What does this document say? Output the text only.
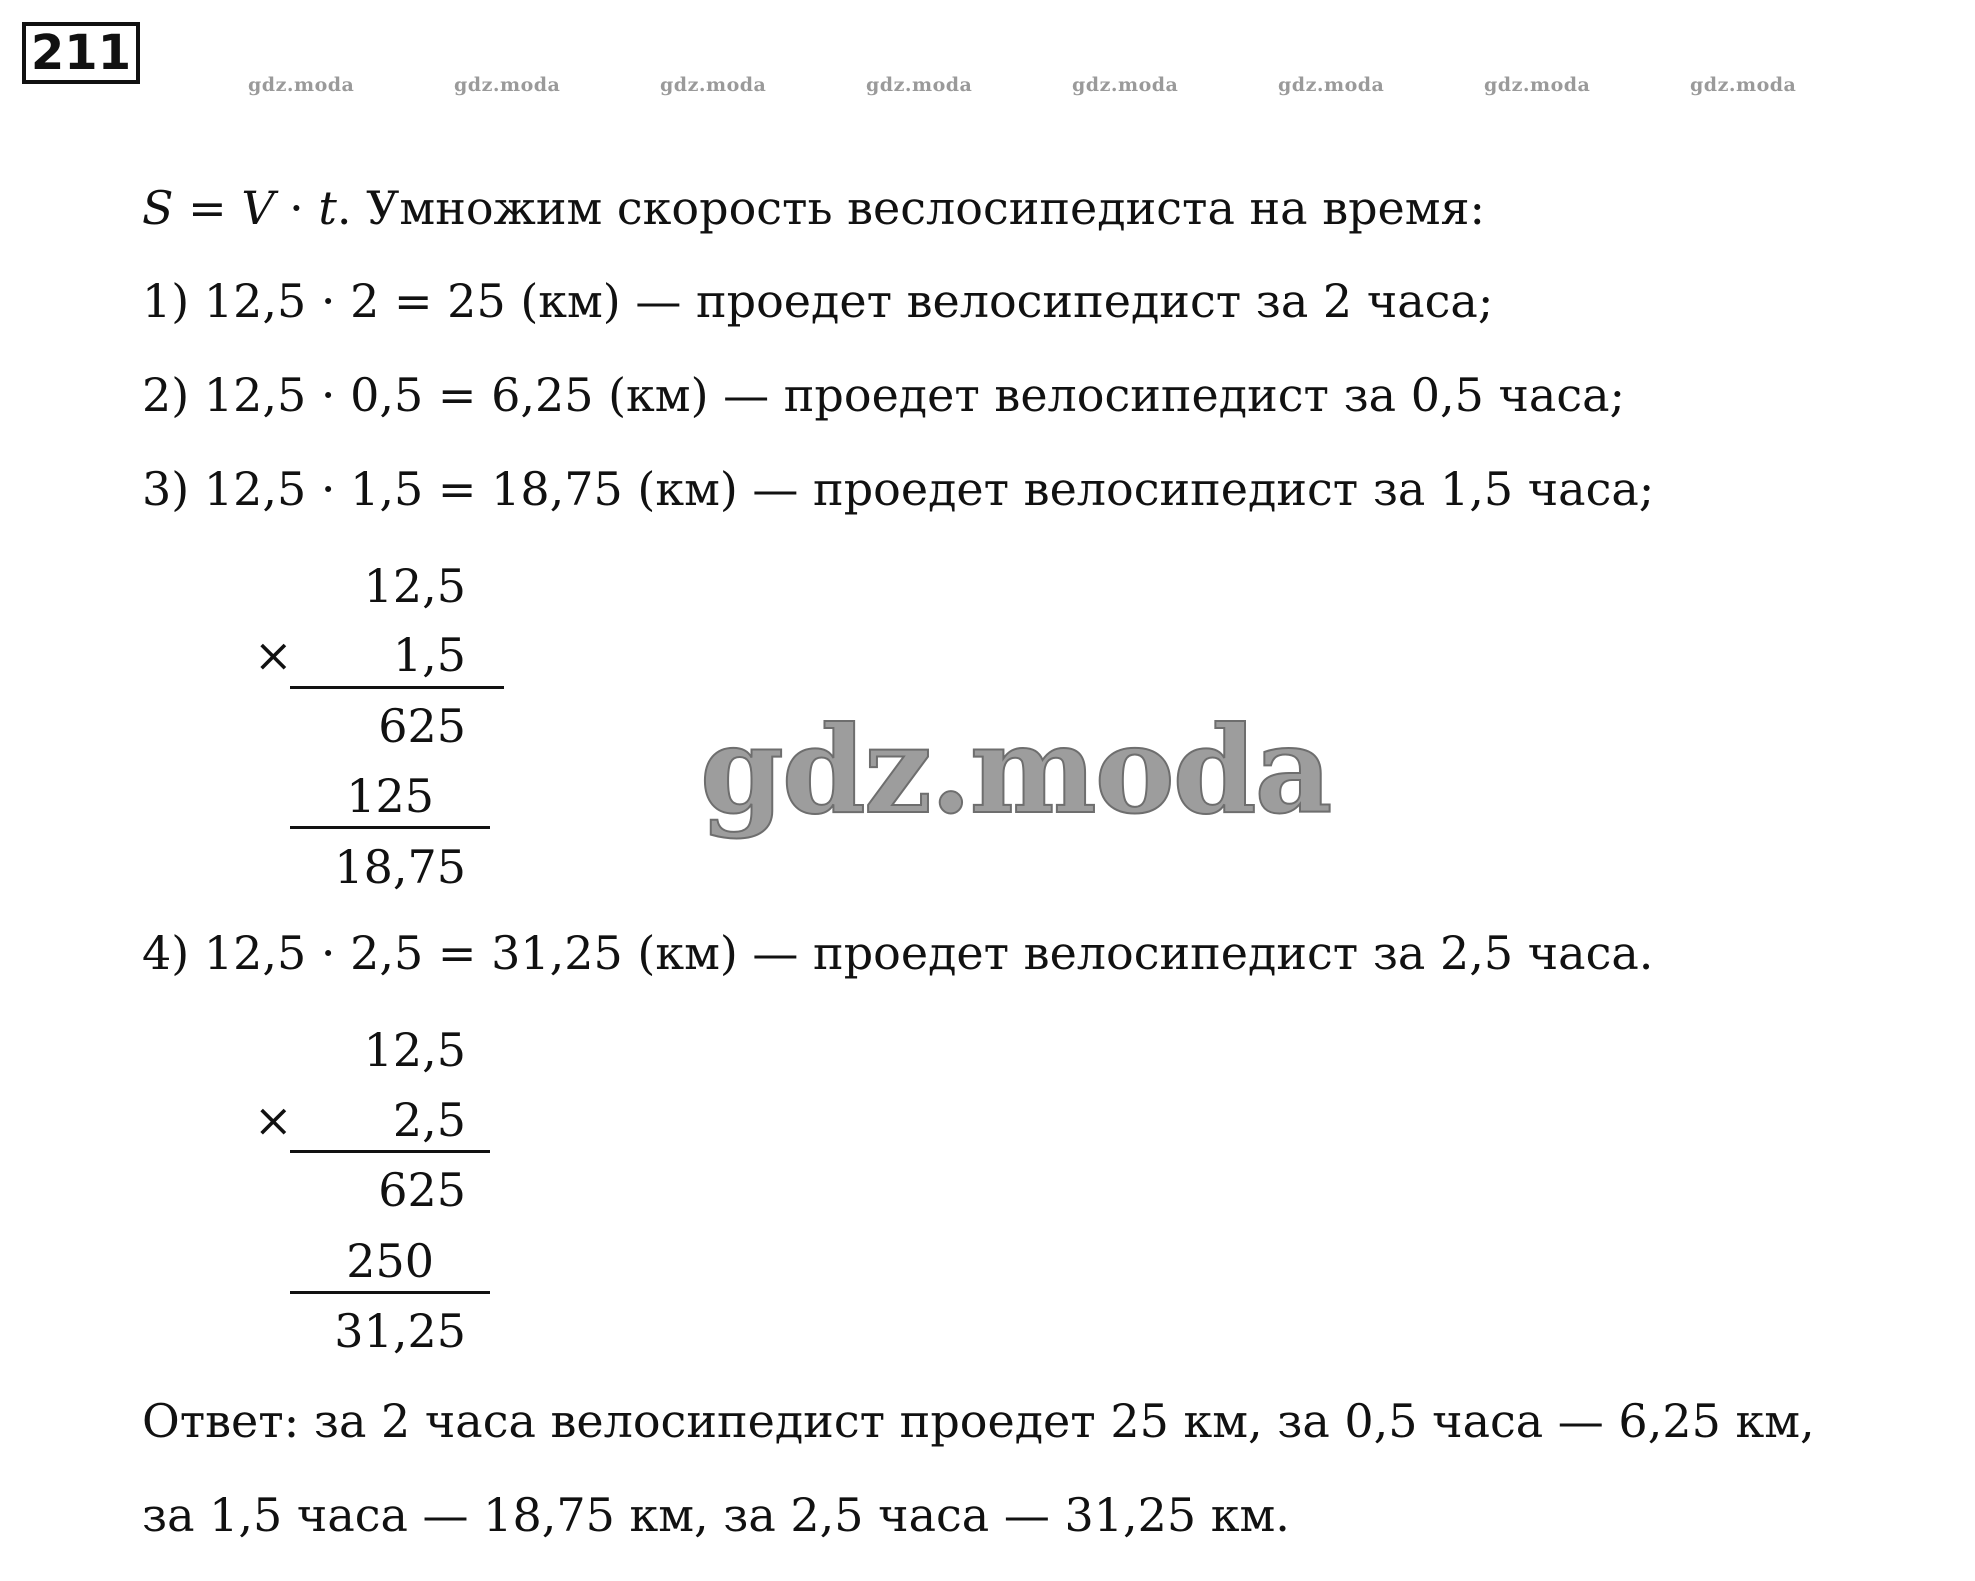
211
gdz.moda	gdz.moda	gdz.moda	gdz.moda	gdz.moda	gdz.moda	gdz.moda	gdz.moda
S = V · t. Умножим скорость веслосипедиста на время:
1) 12,5 · 2 = 25 (км) — проедет велосипедист за 2 часа;
2) 12,5 · 0,5 = 6,25 (км) — проедет велосипедист за 0,5 часа;
3) 12,5 · 1,5 = 18,75 (км) — проедет велосипедист за 1,5 часа;
12,5
× 1,5
625
125
18,75
gdz.moda
4) 12,5 · 2,5 = 31,25 (км) — проедет велосипедист за 2,5 часа.
12,5
× 2,5
625
250
31,25
Ответ: за 2 часа велосипедист проедет 25 км, за 0,5 часа — 6,25 км,
за 1,5 часа — 18,75 км, за 2,5 часа — 31,25 км.
